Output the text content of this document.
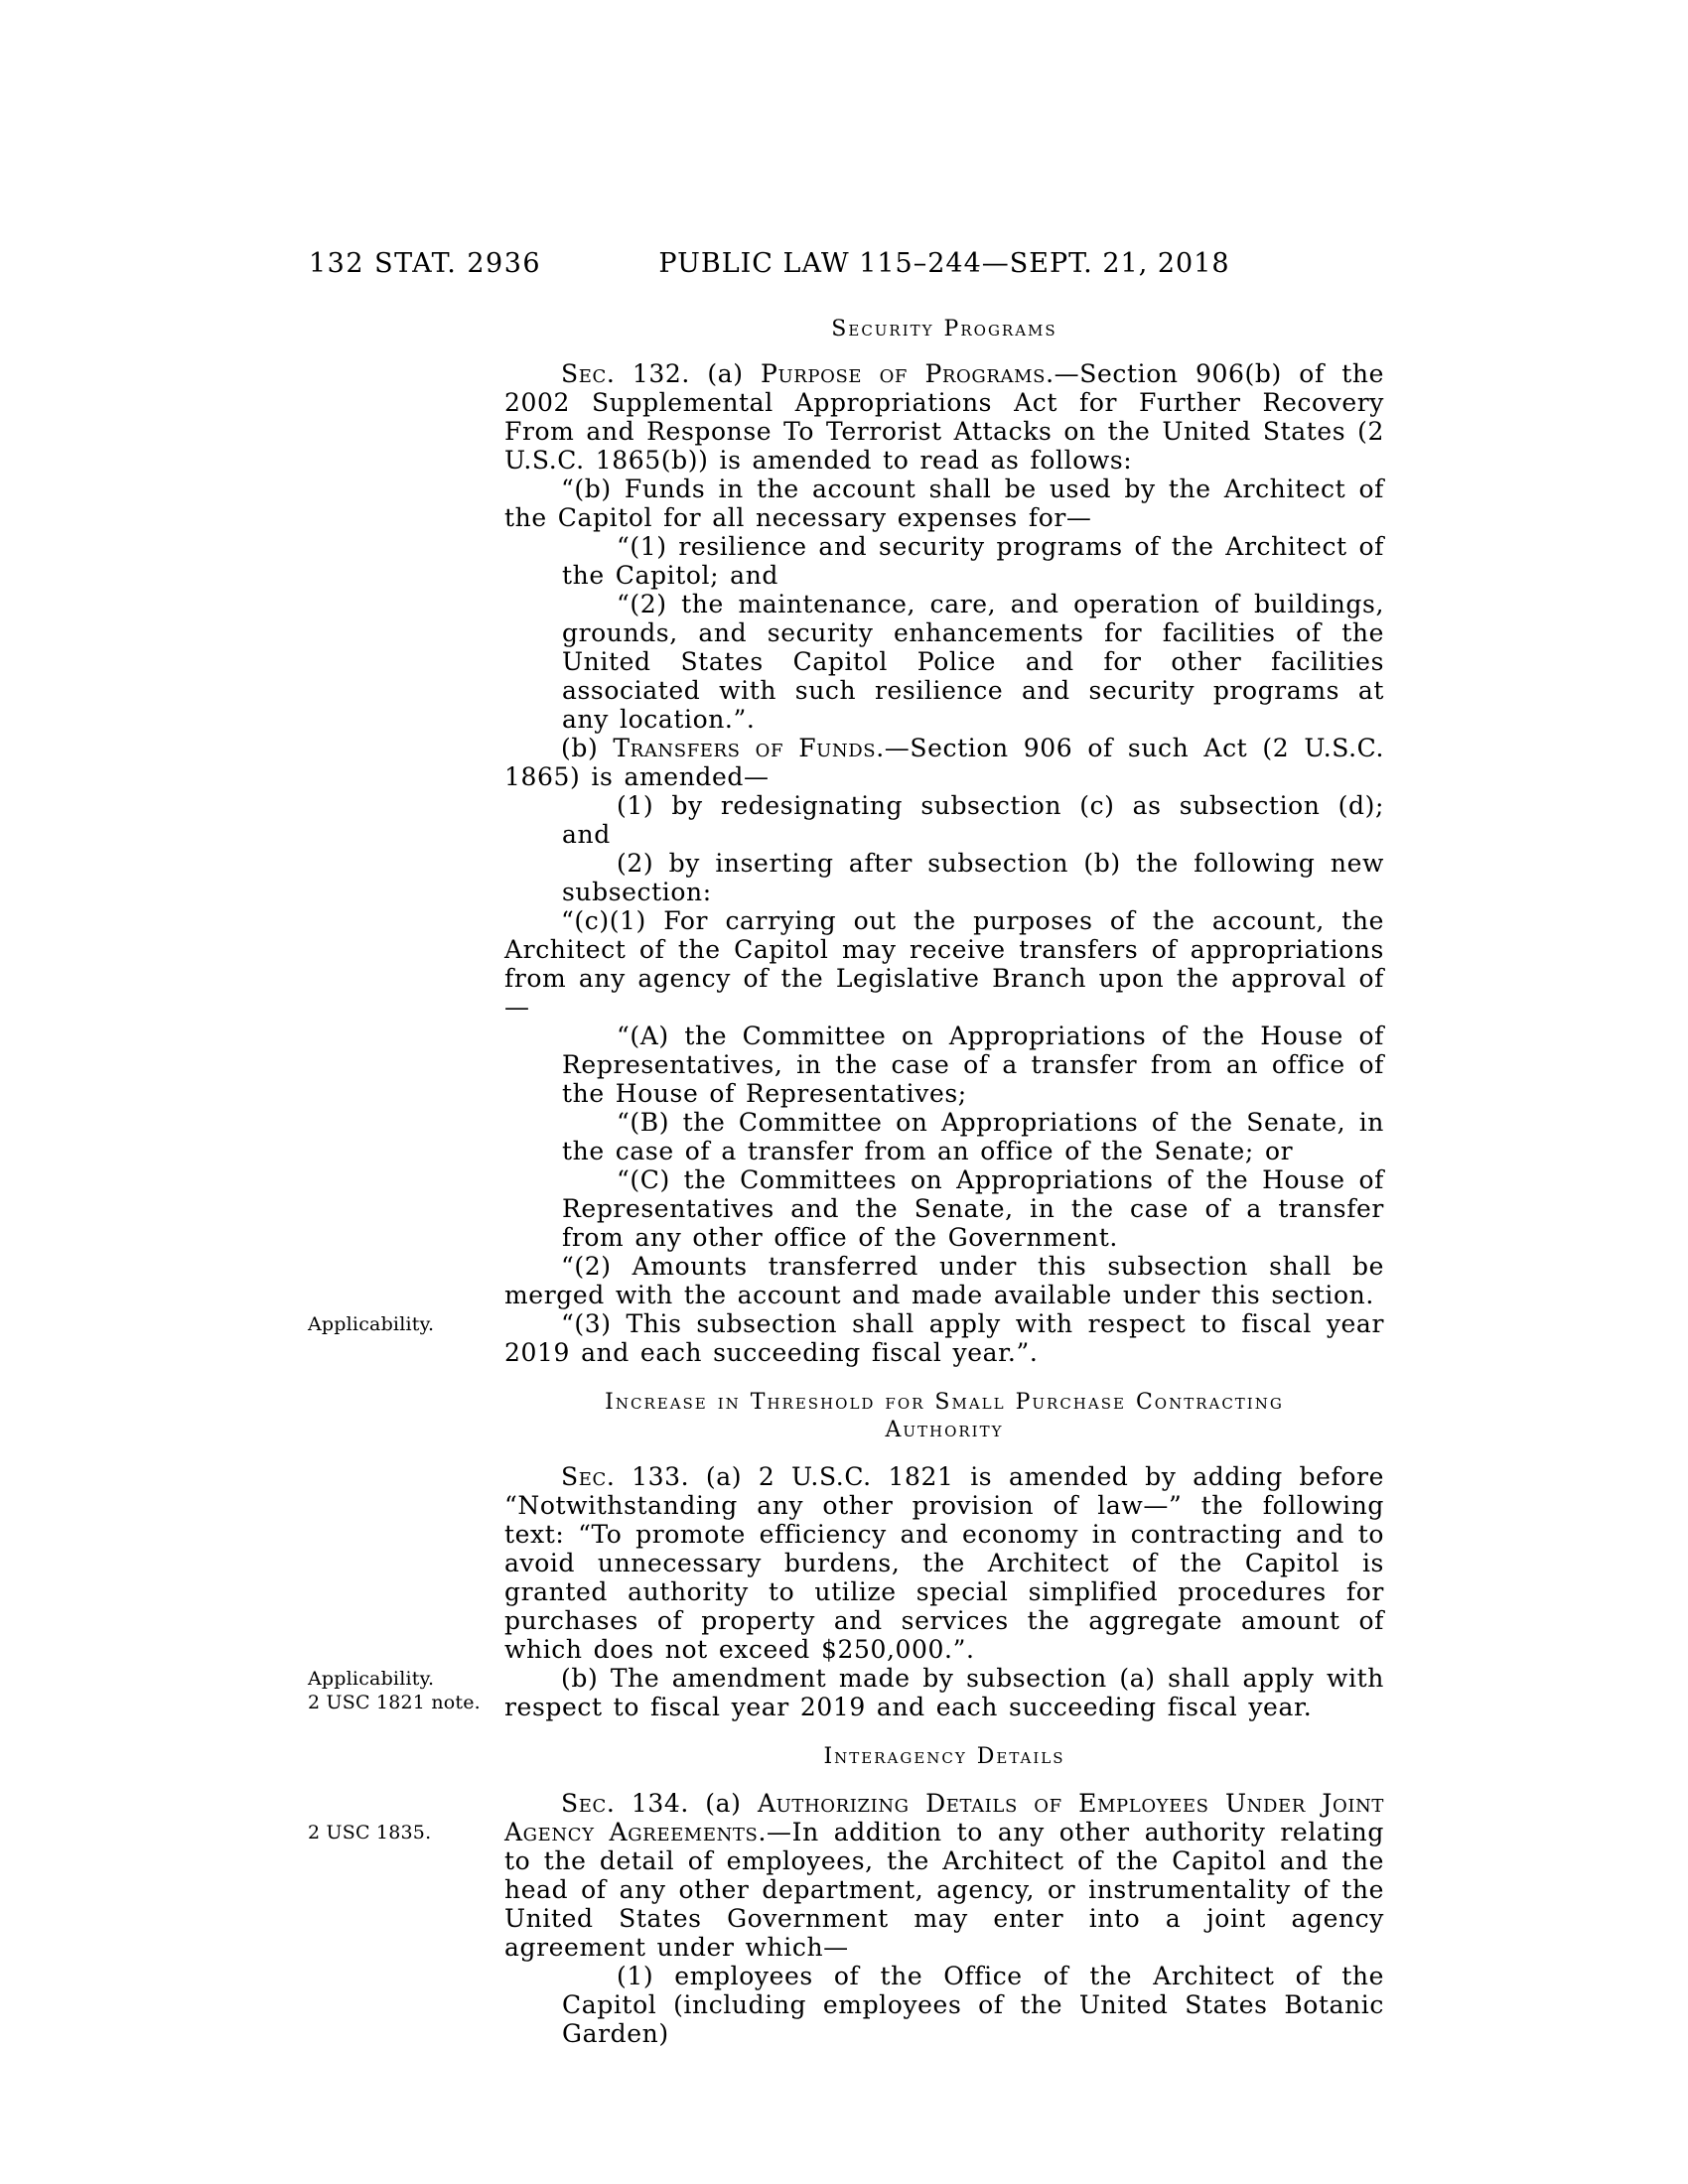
132 STAT. 2936	PUBLIC LAW 115–244—SEPT. 21, 2018
Security Programs

Sec. 132. (a) Purpose of Programs.—Section 906(b) of the 2002 Supplemental Appropriations Act for Further Recovery From and Response To Terrorist Attacks on the United States (2 U.S.C. 1865(b)) is amended to read as follows:

“(b) Funds in the account shall be used by the Architect of the Capitol for all necessary expenses for—

“(1) resilience and security programs of the Architect of the Capitol; and

“(2) the maintenance, care, and operation of buildings, grounds, and security enhancements for facilities of the United States Capitol Police and for other facilities associated with such resilience and security programs at any location.”.

(b) Transfers of Funds.—Section 906 of such Act (2 U.S.C. 1865) is amended—

(1) by redesignating subsection (c) as subsection (d); and

(2) by inserting after subsection (b) the following new subsection:

“(c)(1) For carrying out the purposes of the account, the Architect of the Capitol may receive transfers of appropriations from any agency of the Legislative Branch upon the approval of—

“(A) the Committee on Appropriations of the House of Representatives, in the case of a transfer from an office of the House of Representatives;

“(B) the Committee on Appropriations of the Senate, in the case of a transfer from an office of the Senate; or

“(C) the Committees on Appropriations of the House of Representatives and the Senate, in the case of a transfer from any other office of the Government.

“(2) Amounts transferred under this subsection shall be merged with the account and made available under this section.

“(3) This subsection shall apply with respect to fiscal year 2019 and each succeeding fiscal year.”.

Increase in Threshold for Small Purchase Contracting
Authority

Sec. 133. (a) 2 U.S.C. 1821 is amended by adding before “Notwithstanding any other provision of law—” the following text: “To promote efficiency and economy in contracting and to avoid unnecessary burdens, the Architect of the Capitol is granted authority to utilize special simplified procedures for purchases of property and services the aggregate amount of which does not exceed $250,000.”.

(b) The amendment made by subsection (a) shall apply with respect to fiscal year 2019 and each succeeding fiscal year.

Interagency Details

Sec. 134. (a) Authorizing Details of Employees Under Joint Agency Agreements.—In addition to any other authority relating to the detail of employees, the Architect of the Capitol and the head of any other department, agency, or instrumentality of the United States Government may enter into a joint agency agreement under which—

(1) employees of the Office of the Architect of the Capitol (including employees of the United States Botanic Garden)

Applicability.
Applicability.
2 USC 1821 note.
2 USC 1835.
